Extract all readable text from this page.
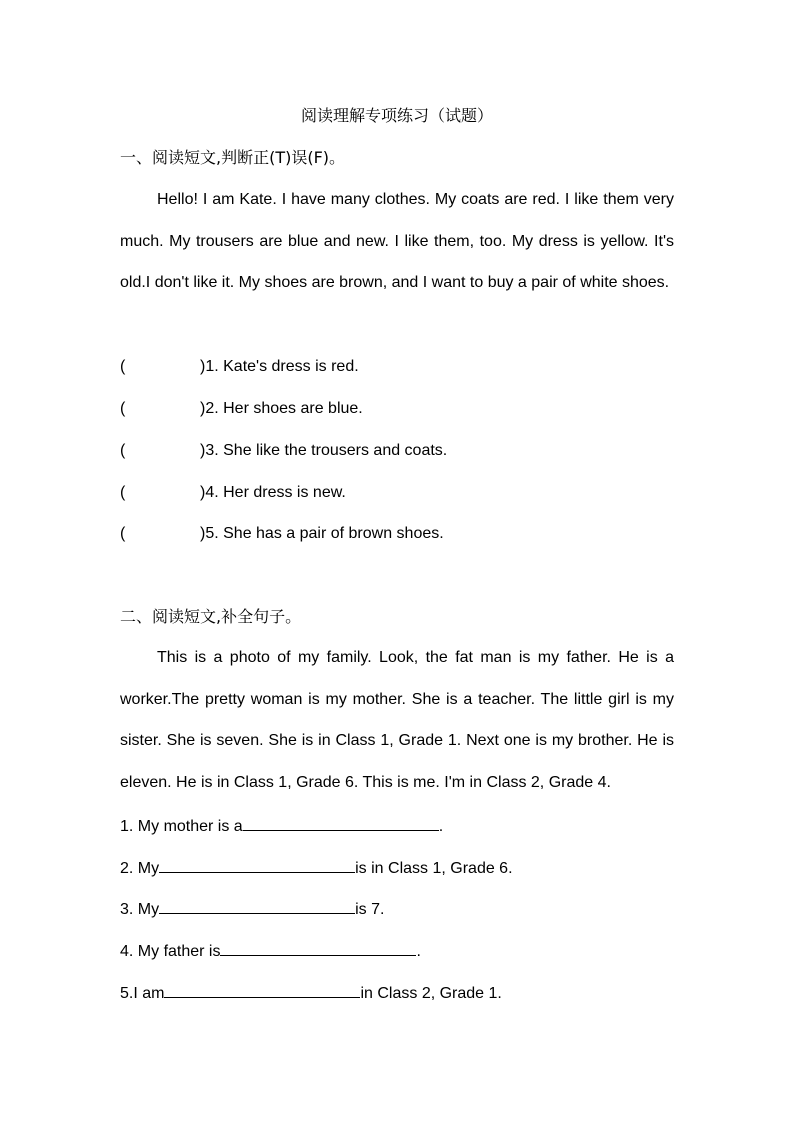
阅读理解专项练习（试题）
一、阅读短文,判断正(T)误(F)。

Hello! I am Kate. I have many clothes. My coats are red. I like them very much. My trousers are blue and new. I like them, too. My dress is yellow. It's old.I don't like it. My shoes are brown, and I want to buy a pair of white shoes.

(	)1. Kate's dress is red.
(	)2. Her shoes are blue.
(	)3. She like the trousers and coats.
(	)4. Her dress is new.
(	)5. She has a pair of brown shoes.
二、阅读短文,补全句子。

This is a photo of my family. Look, the fat man is my father. He is a worker.The pretty woman is my mother. She is a teacher. The little girl is my sister. She is seven. She is in Class 1, Grade 1. Next one is my brother. He is eleven. He is in Class 1, Grade 6. This is me. I'm in Class 2, Grade 4.

1. My mother is a	.
2. My	is in Class 1, Grade 6.
3. My	is 7.
4. My father is	.
5.I am	in Class 2, Grade 1.
